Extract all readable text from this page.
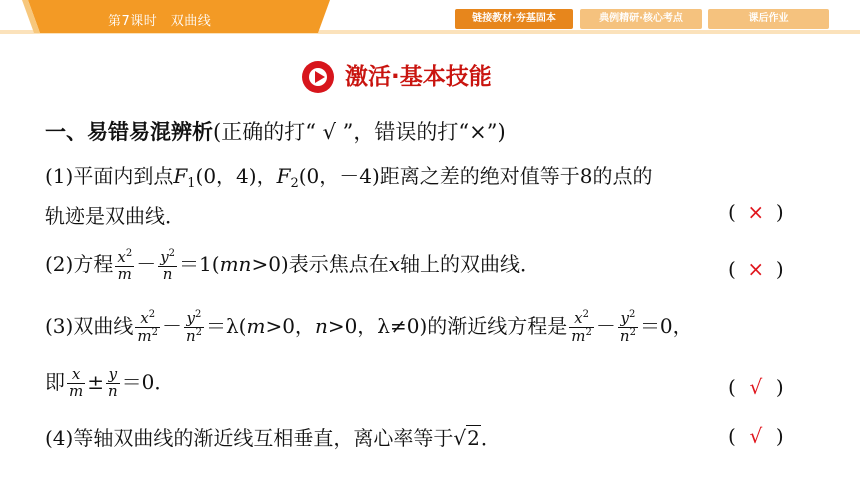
第7课时　双曲线	链接教材·夯基固本	典例精研·核心考点	课后作业
激活·基本技能
一、易错易混辨析(正确的打“ √ ”，错误的打“×”)
(1)平面内到点$F_1(0$，4)，$F_2(0$，－4)距离之差的绝对值等于8的点的
轨迹是双曲线．	( × )
(2)方程 $\frac{x^2}{m} - \frac{y^2}{n} =1(mn>0)$表示焦点在x轴上的双曲线．	( × )
(3)双曲线 $\frac{x^2}{m^2} - \frac{y^2}{n^2} =\lambda(m>0$，n>0，λ≠0)的渐近线方程是 $\frac{x^2}{m^2} - \frac{y^2}{n^2} =0$，
即 $\frac{x}{m} \pm \frac{y}{n} =0$．	( √ )
(4)等轴双曲线的渐近线互相垂直，离心率等于√2．	( √ )
